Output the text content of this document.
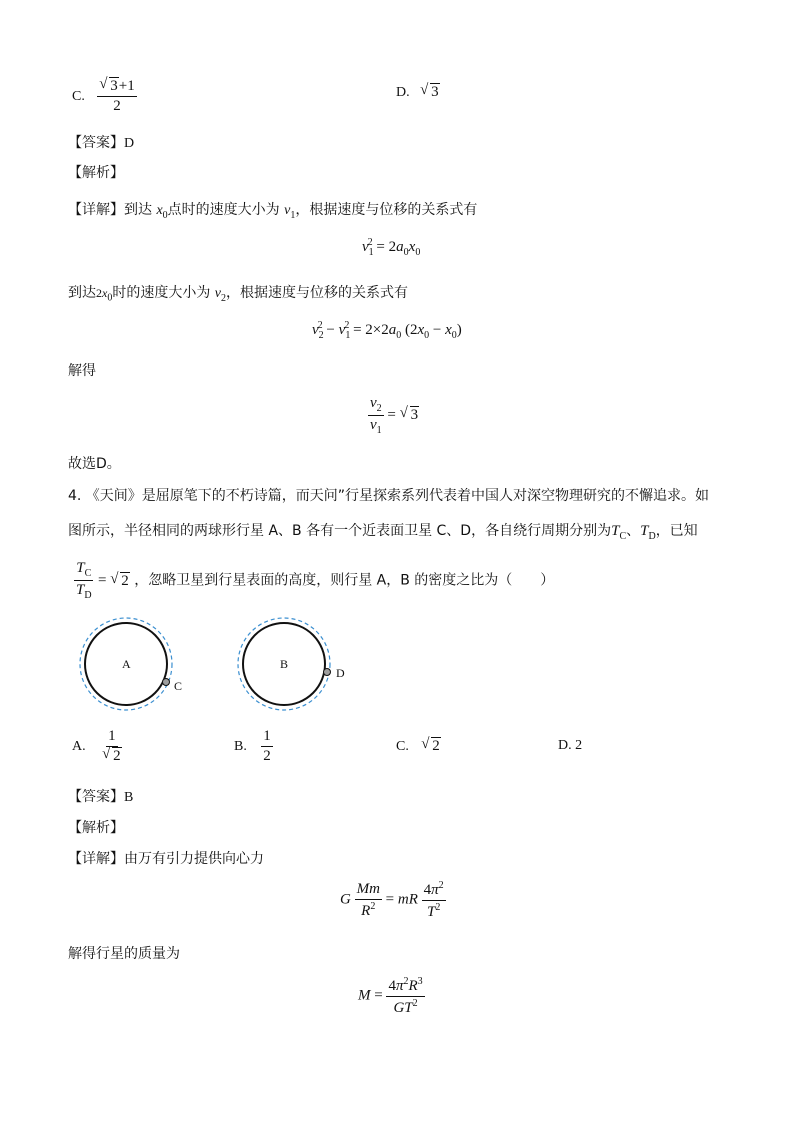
C. √ $\frac{3+1}{2}$	D. √ 3
【答案】D
【解析】
【详解】到达 $x_0$点时的速度大小为 $v_1$，根据速度与位移的关系式有
$v_1^2 = 2a_0x_0$
到达$2x_0$时的速度大小为 $v_2$，根据速度与位移的关系式有
$v_2^2 - v_1^2 = 2\times 2a_0$ $(2x_0 - x_0)$
解得
$\frac{v_2}{v_1}$ = √ 3
故选D。
4. 《天间》是屈原笔下的不朽诗篇，而天问”行星探索系列代表着中国人对深空物理研究的不懈追求。如
图所示，半径相同的两球形行星 A、B 各有一个近表面卫星 C、D，各自绕行周期分别为$T_C$、$T_D$，已知
$\frac{T_C}{T_D}$ = √ 2 ，忽略卫星到行星表面的高度，则行星 A，B 的密度之比为（　　）
A
C
B
D
A. 1
√ 2	B. $\frac{1}{2}$	C. √ 2	D. 2
【答案】B
【解析】
【详解】由万有引力提供向心力
G $\frac{Mm}{R^2}$ = mR $\frac{4\pi^2}{T^2}$
解得行星的质量为
$M = \frac{4\pi^2R^3}{GT^2}$
